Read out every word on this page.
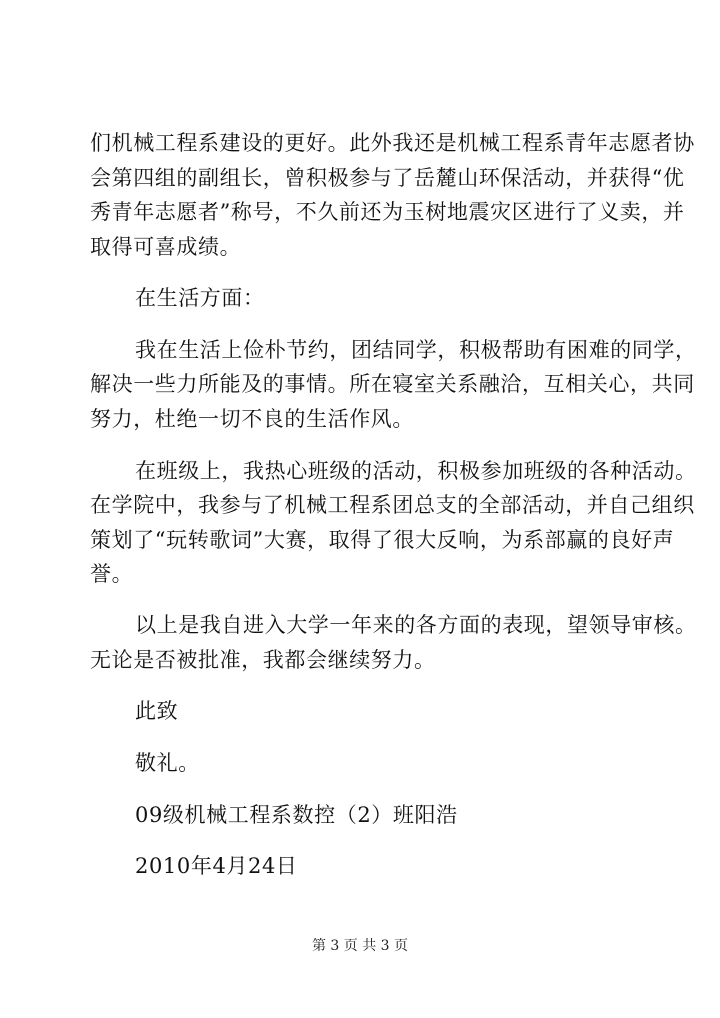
们机械工程系建设的更好。此外我还是机械工程系青年志愿者协
会第四组的副组长，曾积极参与了岳麓山环保活动，并获得“优
秀青年志愿者”称号，不久前还为玉树地震灾区进行了义卖，并
取得可喜成绩。
在生活方面：
我在生活上俭朴节约，团结同学，积极帮助有困难的同学，
解决一些力所能及的事情。所在寝室关系融洽，互相关心，共同
努力，杜绝一切不良的生活作风。
在班级上，我热心班级的活动，积极参加班级的各种活动。
在学院中，我参与了机械工程系团总支的全部活动，并自己组织
策划了“玩转歌词”大赛，取得了很大反响，为系部赢的良好声
誉。
以上是我自进入大学一年来的各方面的表现，望领导审核。
无论是否被批准，我都会继续努力。
此致
敬礼。
09级机械工程系数控（2）班阳浩
2010年4月24日
第 3 页 共 3 页
